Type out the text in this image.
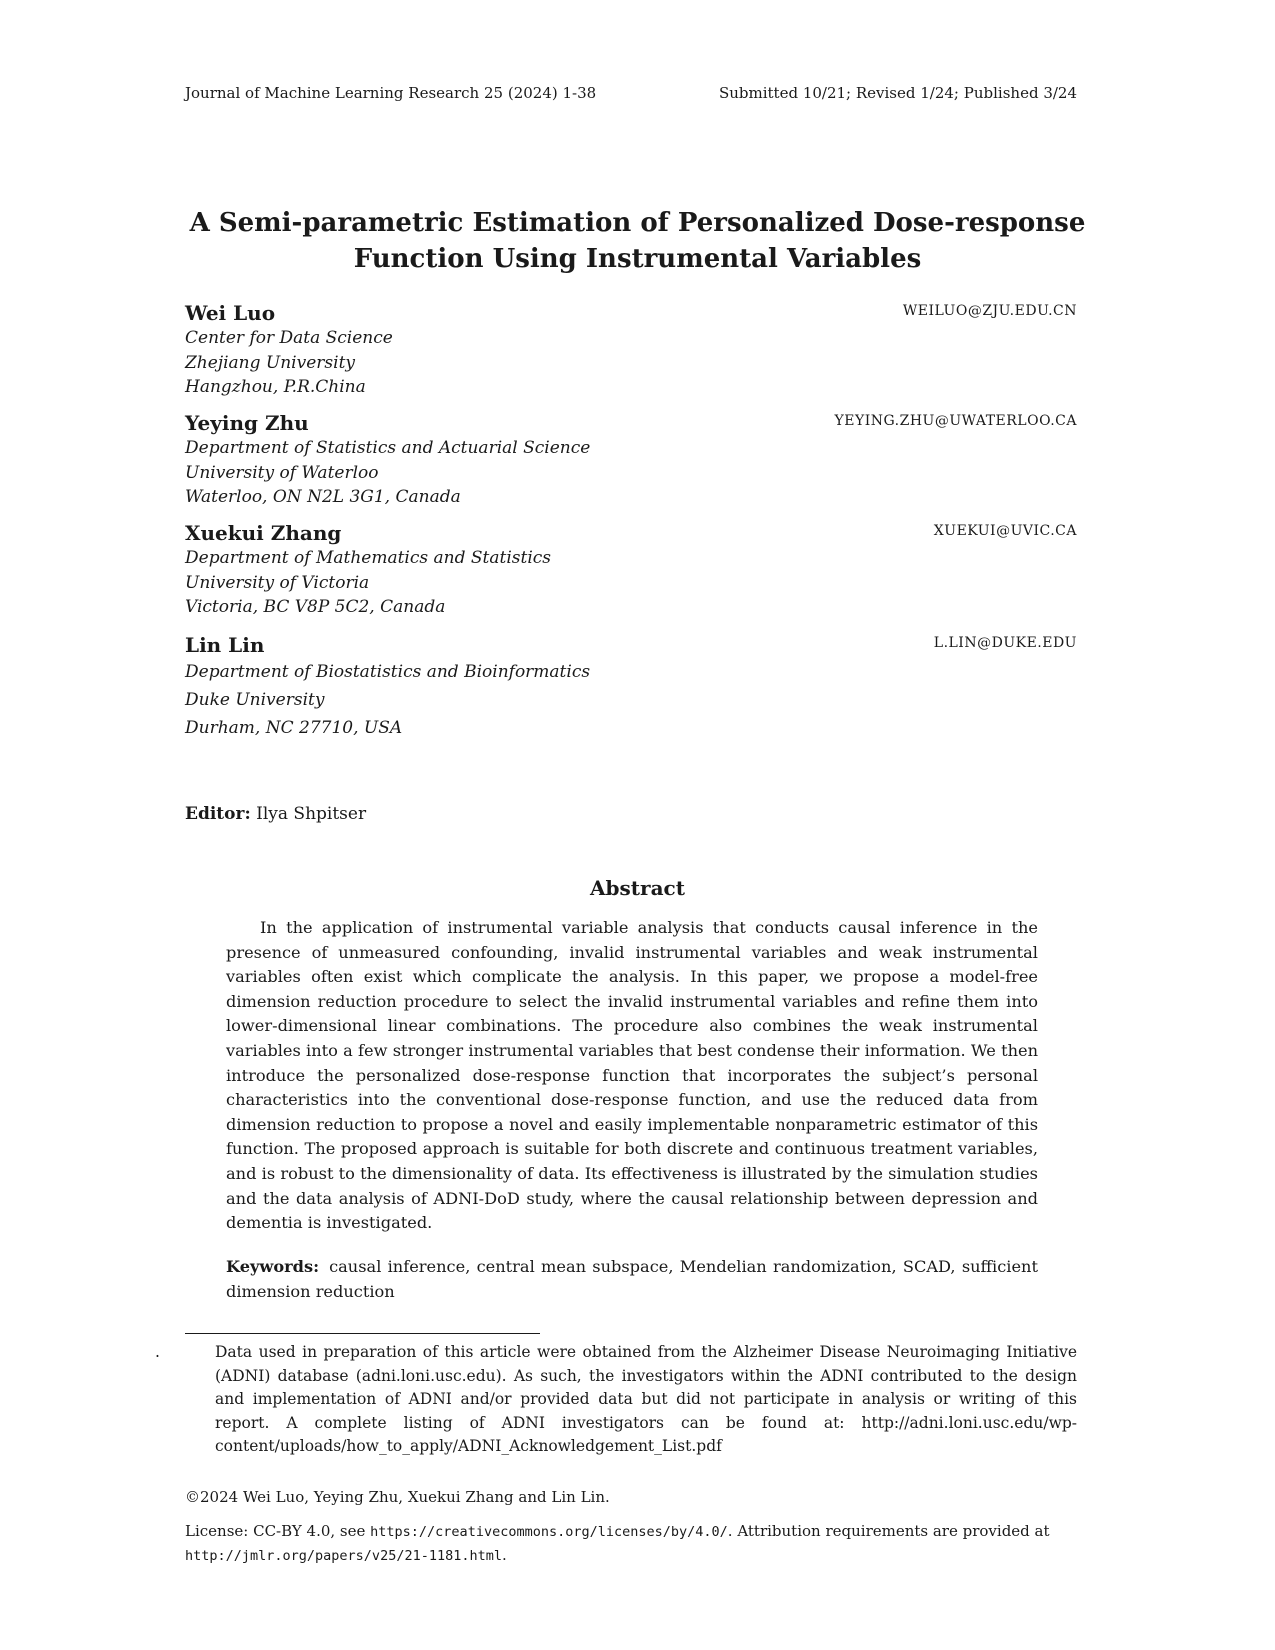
Journal of Machine Learning Research 25 (2024) 1-38	Submitted 10/21; Revised 1/24; Published 3/24
A Semi-parametric Estimation of Personalized Dose-response
Function Using Instrumental Variables
Wei Luo	WEILUO@ZJU.EDU.CN
Center for Data Science
Zhejiang University
Hangzhou, P.R.China
Yeying Zhu	YEYING.ZHU@UWATERLOO.CA
Department of Statistics and Actuarial Science
University of Waterloo
Waterloo, ON N2L 3G1, Canada
Xuekui Zhang	XUEKUI@UVIC.CA
Department of Mathematics and Statistics
University of Victoria
Victoria, BC V8P 5C2, Canada
Lin Lin	L.LIN@DUKE.EDU
Department of Biostatistics and Bioinformatics
Duke University
Durham, NC 27710, USA
Editor: Ilya Shpitser
Abstract
In the application of instrumental variable analysis that conducts causal inference in the presence of unmeasured confounding, invalid instrumental variables and weak instrumental variables often exist which complicate the analysis. In this paper, we propose a model-free dimension reduction procedure to select the invalid instrumental variables and refine them into lower-dimensional linear combinations. The procedure also combines the weak instrumental variables into a few stronger instrumental variables that best condense their information. We then introduce the personalized dose-response function that incorporates the subject’s personal characteristics into the conventional dose-response function, and use the reduced data from dimension reduction to propose a novel and easily implementable nonparametric estimator of this function. The proposed approach is suitable for both discrete and continuous treatment variables, and is robust to the dimensionality of data. Its effectiveness is illustrated by the simulation studies and the data analysis of ADNI-DoD study, where the causal relationship between depression and dementia is investigated.
Keywords: causal inference, central mean subspace, Mendelian randomization, SCAD, sufficient dimension reduction
.	Data used in preparation of this article were obtained from the Alzheimer Disease Neuroimaging Initiative (ADNI) database (adni.loni.usc.edu). As such, the investigators within the ADNI contributed to the design and implementation of ADNI and/or provided data but did not participate in analysis or writing of this report. A complete listing of ADNI investigators can be found at: http://adni.loni.usc.edu/wp-content/uploads/how_to_apply/ADNI_Acknowledgement_List.pdf
©2024 Wei Luo, Yeying Zhu, Xuekui Zhang and Lin Lin.
License: CC-BY 4.0, see https://creativecommons.org/licenses/by/4.0/. Attribution requirements are provided at http://jmlr.org/papers/v25/21-1181.html.
